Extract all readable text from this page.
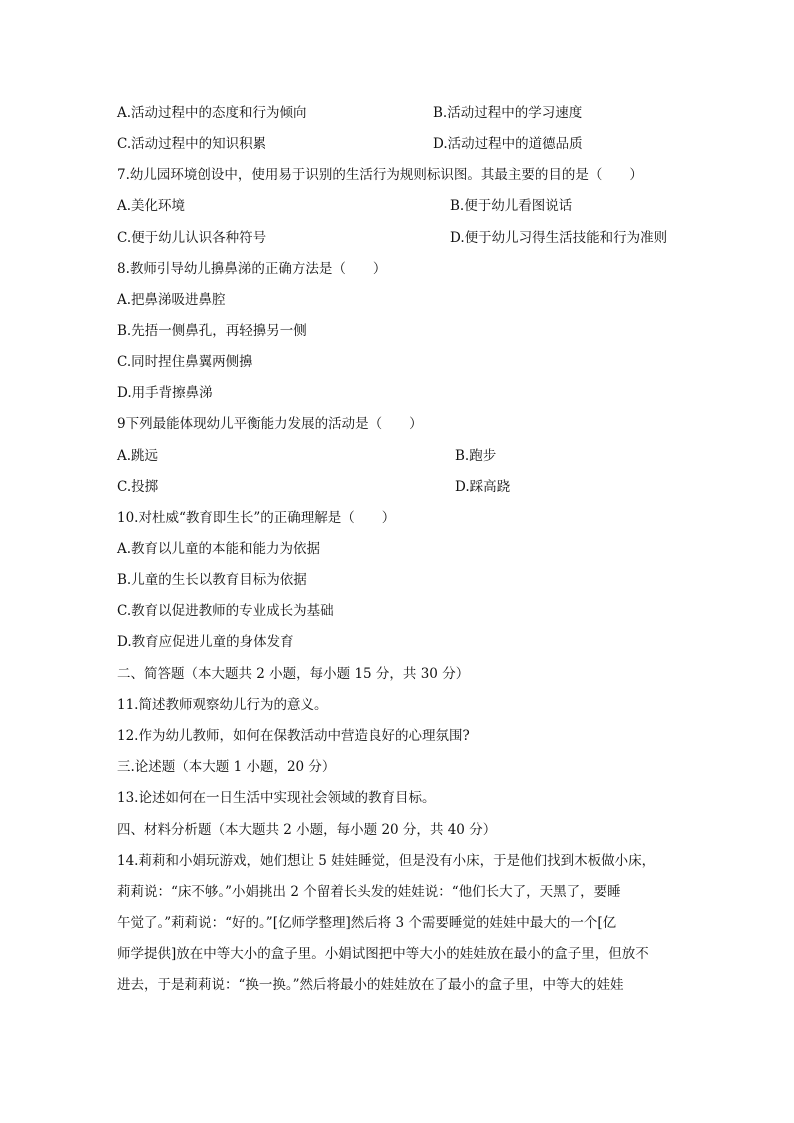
A.活动过程中的态度和行为倾向	B.活动过程中的学习速度
C.活动过程中的知识积累	D.活动过程中的道德品质
7.幼儿园环境创设中，使用易于识别的生活行为规则标识图。其最主要的目的是（　　）
A.美化环境	B.便于幼儿看图说话
C.便于幼儿认识各种符号	D.便于幼儿习得生活技能和行为准则
8.教师引导幼儿擤鼻涕的正确方法是（　　）
A.把鼻涕吸进鼻腔
B.先捂一侧鼻孔，再轻擤另一侧
C.同时捏住鼻翼两侧擤
D.用手背擦鼻涕
9下列最能体现幼儿平衡能力发展的活动是（　　）
A.跳远	B.跑步
C.投掷	D.踩高跷
10.对杜威“教育即生长”的正确理解是（　　）
A.教育以儿童的本能和能力为依据
B.儿童的生长以教育目标为依据
C.教育以促进教师的专业成长为基础
D.教育应促进儿童的身体发育
二、简答题（本大题共 2 小题，每小题 15 分，共 30 分）
11.简述教师观察幼儿行为的意义。
12.作为幼儿教师，如何在保教活动中营造良好的心理氛围?
三.论述题（本大题 1 小题，20 分）
13.论述如何在一日生活中实现社会领域的教育目标。
四、材料分析题（本大题共 2 小题，每小题 20 分，共 40 分）
14.莉莉和小娟玩游戏，她们想让 5 娃娃睡觉，但是没有小床，于是他们找到木板做小床，
莉莉说：“床不够。”小娟挑出 2 个留着长头发的娃娃说：“他们长大了，天黑了，要睡
午觉了。”莉莉说：“好的。”[亿师学整理]然后将 3 个需要睡觉的娃娃中最大的一个[亿
师学提供]放在中等大小的盒子里。小娟试图把中等大小的娃娃放在最小的盒子里，但放不
进去，于是莉莉说：“换一换。”然后将最小的娃娃放在了最小的盒子里，中等大的娃娃
